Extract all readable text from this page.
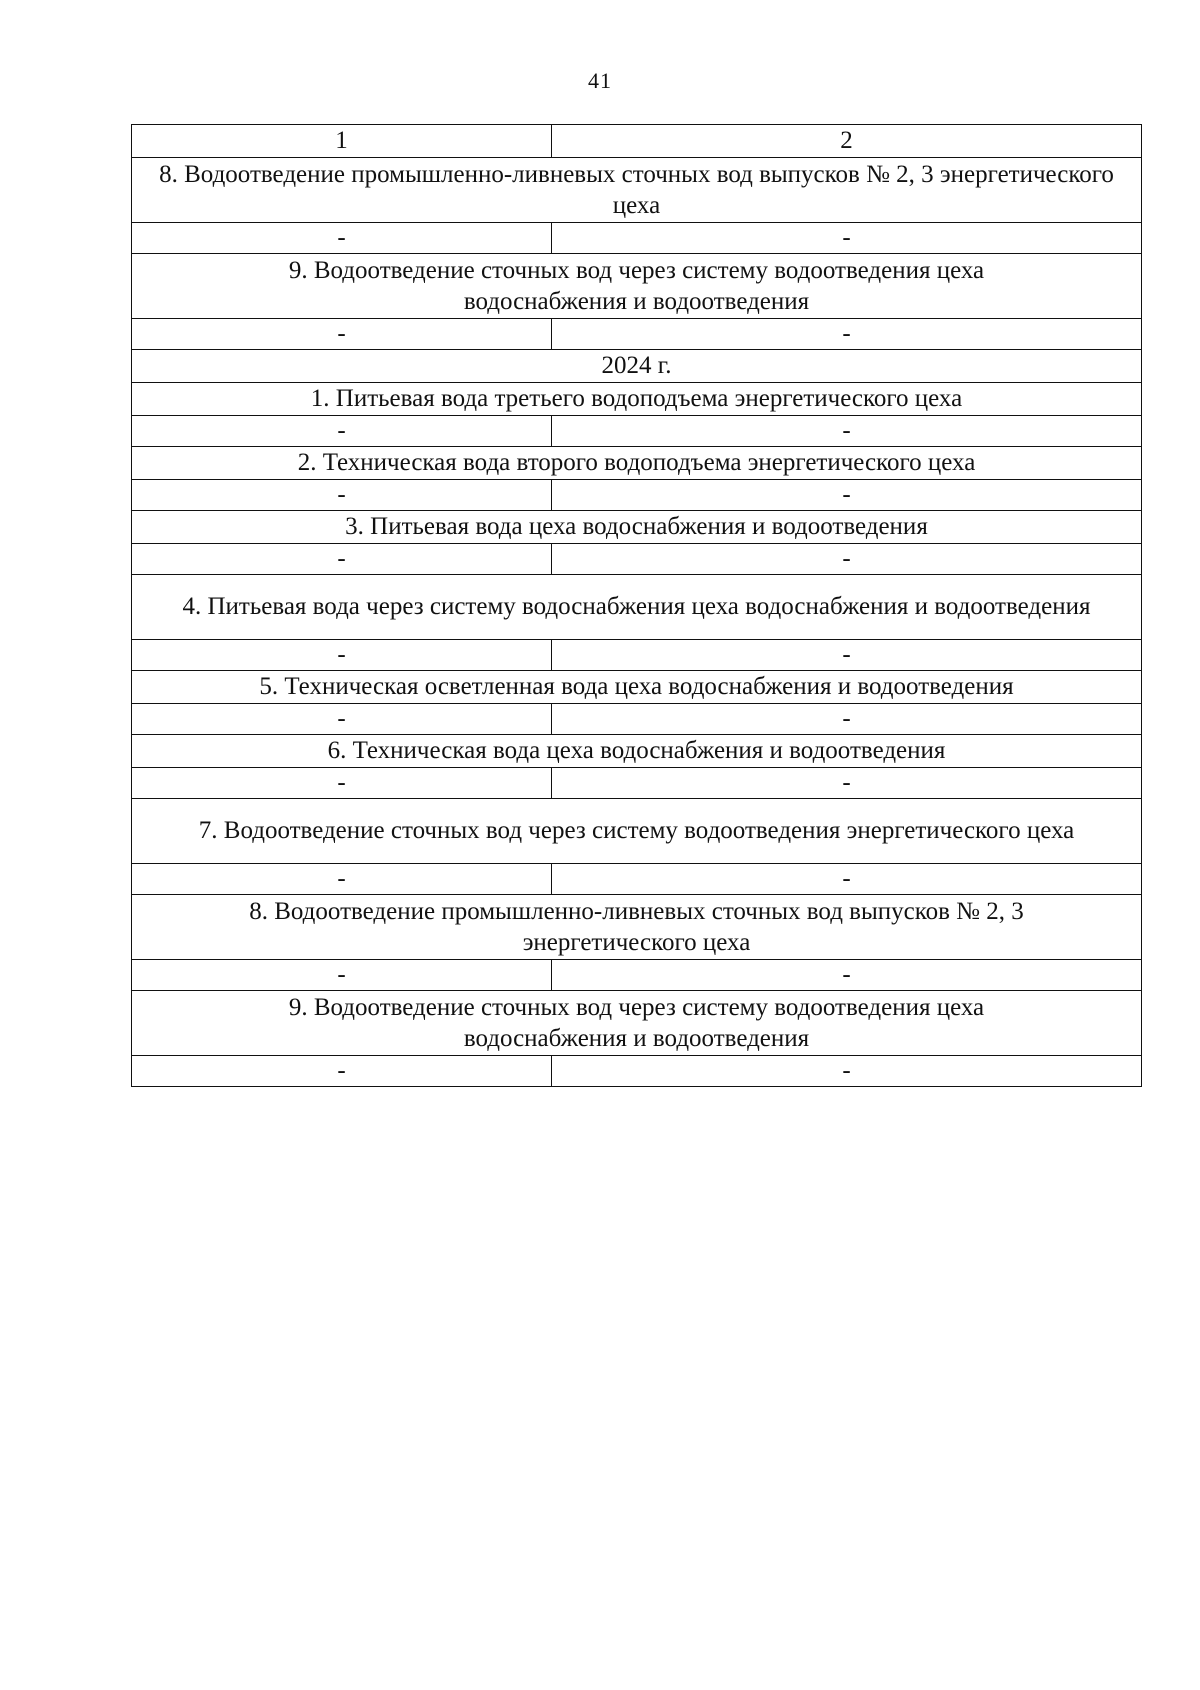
41
1	2
8. Водоотведение промышленно-ливневых сточных вод выпусков № 2, 3 энергетического цеха	
-	-
9. Водоотведение сточных вод через систему водоотведения цеха водоснабжения и водоотведения	
-	-
2024 г.	
1. Питьевая вода третьего водоподъема энергетического цеха	
-	-
2. Техническая вода второго водоподъема энергетического цеха	
-	-
3. Питьевая вода цеха водоснабжения и водоотведения	
-	-
4. Питьевая вода через систему водоснабжения цеха водоснабжения и водоотведения	
-	-
5. Техническая осветленная вода цеха водоснабжения и водоотведения	
-	-
6. Техническая вода цеха водоснабжения и водоотведения	
-	-
7. Водоотведение сточных вод через систему водоотведения энергетического цеха	
-	-
8. Водоотведение промышленно-ливневых сточных вод выпусков № 2, 3 энергетического цеха	
-	-
9. Водоотведение сточных вод через систему водоотведения цеха водоснабжения и водоотведения	
-	-
